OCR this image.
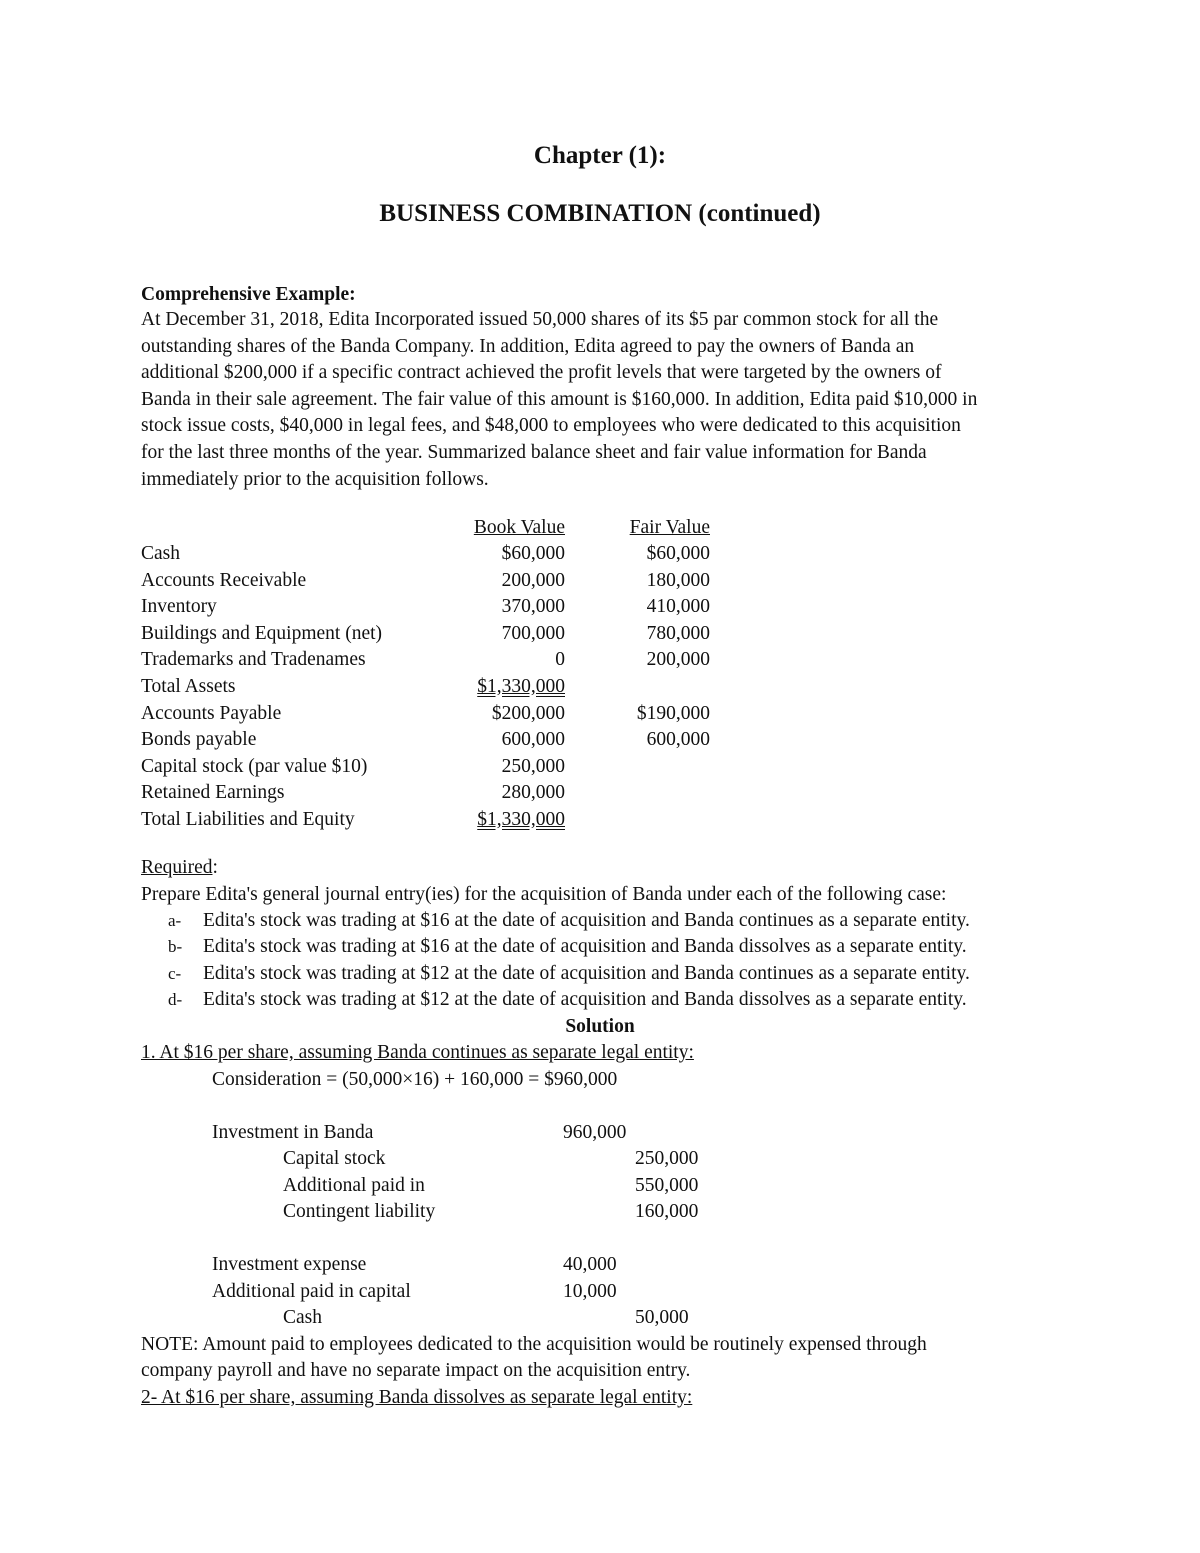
Chapter (1):
BUSINESS COMBINATION (continued)
Comprehensive Example:
At December 31, 2018, Edita Incorporated issued 50,000 shares of its $5 par common stock for all the
outstanding shares of the Banda Company. In addition, Edita agreed to pay the owners of Banda an
additional $200,000 if a specific contract achieved the profit levels that were targeted by the owners of
Banda in their sale agreement. The fair value of this amount is $160,000. In addition, Edita paid $10,000 in
stock issue costs, $40,000 in legal fees, and $48,000 to employees who were dedicated to this acquisition
for the last three months of the year. Summarized balance sheet and fair value information for Banda
immediately prior to the acquisition follows.
Book Value	Fair Value
Cash	$60,000	$60,000
Accounts Receivable	200,000	180,000
Inventory	370,000	410,000
Buildings and Equipment (net)	700,000	780,000
Trademarks and Tradenames	0	200,000
Total Assets	$1,330,000
Accounts Payable	$200,000	$190,000
Bonds payable	600,000	600,000
Capital stock (par value $10)	250,000
Retained Earnings	280,000
Total Liabilities and Equity	$1,330,000
Required:
Prepare Edita's general journal entry(ies) for the acquisition of Banda under each of the following case:
a- Edita's stock was trading at $16 at the date of acquisition and Banda continues as a separate entity.
b- Edita's stock was trading at $16 at the date of acquisition and Banda dissolves as a separate entity.
c- Edita's stock was trading at $12 at the date of acquisition and Banda continues as a separate entity.
d- Edita's stock was trading at $12 at the date of acquisition and Banda dissolves as a separate entity.
Solution
1. At $16 per share, assuming Banda continues as separate legal entity:
Consideration = (50,000×16) + 160,000 = $960,000
Investment in Banda	960,000
Capital stock	250,000
Additional paid in	550,000
Contingent liability	160,000
Investment expense	40,000
Additional paid in capital	10,000
Cash	50,000
NOTE: Amount paid to employees dedicated to the acquisition would be routinely expensed through
company payroll and have no separate impact on the acquisition entry.
2- At $16 per share, assuming Banda dissolves as separate legal entity:
